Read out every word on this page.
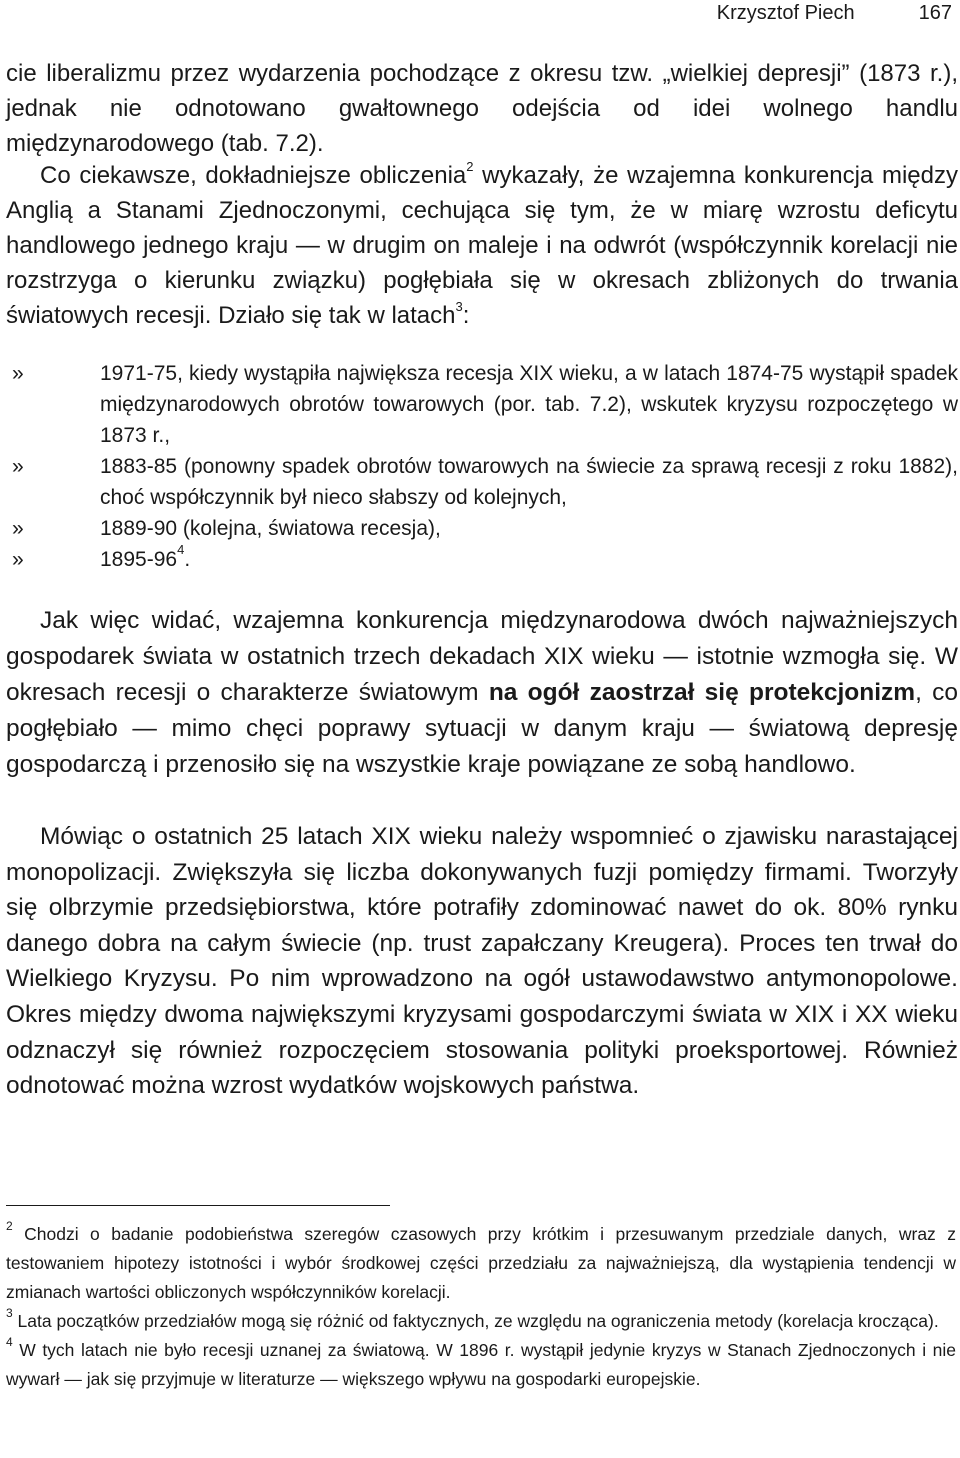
Krzysztof Piech	167

cie liberalizmu przez wydarzenia pochodzące z okresu tzw. „wielkiej depresji” (1873 r.), jednak nie odnotowano gwałtownego odejścia od idei wolnego handlu międzynarodowego (tab. 7.2).

Co ciekawsze, dokładniejsze obliczenia$^2$ wykazały, że wzajemna konkurencja między Anglią a Stanami Zjednoczonymi, cechująca się tym, że w miarę wzrostu deficytu handlowego jednego kraju — w drugim on maleje i na odwrót (współczynnik korelacji nie rozstrzyga o kierunku związku) pogłębiała się w okresach zbliżonych do trwania światowych recesji. Działo się tak w latach$^3$:

»	1971-75, kiedy wystąpiła największa recesja XIX wieku, a w latach 1874-75 wystąpił spadek międzynarodowych obrotów towarowych (por. tab. 7.2), wskutek kryzysu rozpoczętego w 1873 r.,
»	1883-85 (ponowny spadek obrotów towarowych na świecie za sprawą recesji z roku 1882), choć współczynnik był nieco słabszy od kolejnych,
»	1889-90 (kolejna, światowa recesja),
»	$1895-96^4$.

Jak więc widać, wzajemna konkurencja międzynarodowa dwóch najważniejszych gospodarek świata w ostatnich trzech dekadach XIX wieku — istotnie wzmogła się. W okresach recesji o charakterze światowym na ogół zaostrzał się protekcjonizm, co pogłębiało — mimo chęci poprawy sytuacji w danym kraju — światową depresję gospodarczą i przenosiło się na wszystkie kraje powiązane ze sobą handlowo.

Mówiąc o ostatnich 25 latach XIX wieku należy wspomnieć o zjawisku narastającej monopolizacji. Zwiększyła się liczba dokonywanych fuzji pomiędzy firmami. Tworzyły się olbrzymie przedsiębiorstwa, które potrafiły zdominować nawet do ok. 80% rynku danego dobra na całym świecie (np. trust zapałczany Kreugera). Proces ten trwał do Wielkiego Kryzysu. Po nim wprowadzono na ogół ustawodawstwo antymonopolowe. Okres między dwoma największymi kryzysami gospodarczymi świata w XIX i XX wieku odznaczył się również rozpoczęciem stosowania polityki proeksportowej. Również odnotować można wzrost wydatków wojskowych państwa.

$^2$ Chodzi o badanie podobieństwa szeregów czasowych przy krótkim i przesuwanym przedziale danych, wraz z testowaniem hipotezy istotności i wybór środkowej części przedziału za najważniejszą, dla wystąpienia tendencji w zmianach wartości obliczonych współczynników korelacji.

$^3$ Lata początków przedziałów mogą się różnić od faktycznych, ze względu na ograniczenia metody (korelacja krocząca).

$^4$ W tych latach nie było recesji uznanej za światową. W 1896 r. wystąpił jedynie kryzys w Stanach Zjednoczonych i nie wywarł — jak się przyjmuje w literaturze — większego wpływu na gospodarki europejskie.
